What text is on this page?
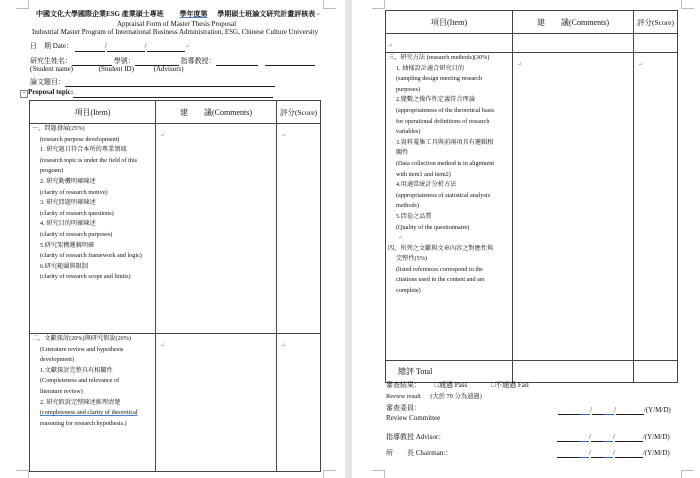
中國文化大學國際企業ESG 產業碩士專班 學年度第 學期碩士班論文研究計畫評核表↵
Appraisal Form of Master Thesis Proposal
Industrial Master Program of International Business Administration, ESG, Chinese Culture University
日　期 Date：	/	/	↵
研究生姓名：	學號：	指導教授：
(Student name)	(Student ID)	(Advisors)
論文題目：
+ Proposal topic:
項目(Item)	建　　議(Comments)	評分(Score)

一、問題發展(25%)
(research purpose development)
1. 研究題目符合本所的專業領域
(research topic is under the field of this
program)
2. 研究動機明確陳述
(clarity of research motive)
3. 研究問題明確陳述
(clarity of research questions)
4. 研究目的明確陳述
(clarity of research purposes)
5.研究架構邏輯明確
(clarity of research framework and logic)
6.研究範圍與限制
(clarity of research scope and limits)
	↵	↵

二、文獻探討(20%)與研究假說(20%)
(Literature review and hypothesis
development)
1.文獻探討完整具有相關性
(Completeness and relevance of
literature review)
2. 研究假說完整陳述推理清楚
(completeness and clarity of theoretical
reasoning for research hypothesis.)
	↵	↵
項目(Item)	建　　議(Comments)	評分(Score)
↵		

三、研究方法 (research methods)(30%)
1. 抽樣設計適合研究目的
(sampling design meeting research
purposes)
2.變數之操作性定義符合理論
(appropriateness of the theoretical basis
for operational definitions of research
variables)
3.資料蒐集工具與前兩項具有邏輯相
關性
(Data collection method is in alignment
with item1 and item2)
4.用適當統計分析方法
(appropriateness of statistical analysis
methods)
5.問卷之品質
(Quality of the questionnaire)
↵
四、所列之文獻與文章內容之對應性與
完整性(5%)
(listed references correspond to the
citations used in the content and are
complete)
	↵	↵
總評 Total		
審查結果： □通過 Pass	□不通過 Fail
Review result (大於 70 分為通過)
審查委員：
Review Committee
/	/	/(Y/M/D)
指導教授 Advisor：	/	/	/(Y/M/D)
所　　長 Chairman:：	/	/	/(Y/M/D)
